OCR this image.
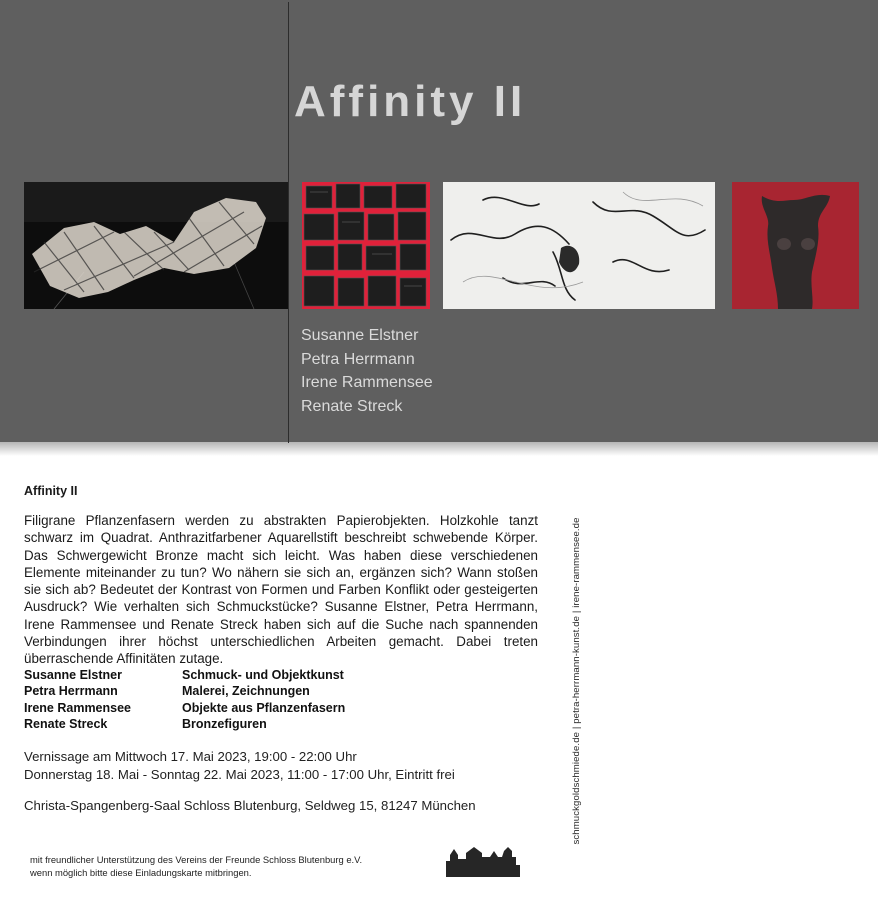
Affinity II
Susanne Elstner
Petra Herrmann
Irene Rammensee
Renate Streck
Affinity II
Filigrane Pflanzenfasern werden zu abstrakten Papierobjekten. Holzkohle tanzt schwarz im Quadrat. Anthrazitfarbener Aquarellstift beschreibt schwebende Körper. Das Schwergewicht Bronze macht sich leicht. Was haben diese verschiedenen Elemente miteinander zu tun? Wo nähern sie sich an, ergänzen sich? Wann stoßen sie sich ab? Bedeutet der Kontrast von Formen und Farben Konflikt oder gesteigerten Ausdruck? Wie verhalten sich Schmuckstücke? Susanne Elstner, Petra Herrmann, Irene Rammensee und Renate Streck haben sich auf die Suche nach spannenden Verbindungen ihrer höchst unterschiedlichen Arbeiten gemacht. Dabei treten überraschende Affinitäten zutage.
Susanne Elstner	Schmuck- und Objektkunst
Petra Herrmann	Malerei, Zeichnungen
Irene Rammensee	Objekte aus Pflanzenfasern
Renate Streck	Bronzefiguren
Vernissage am Mittwoch 17. Mai 2023, 19:00 - 22:00 Uhr
Donnerstag 18. Mai - Sonntag 22. Mai 2023, 11:00 - 17:00 Uhr, Eintritt frei
Christa-Spangenberg-Saal Schloss Blutenburg, Seldweg 15, 81247 München
mit freundlicher Unterstützung des Vereins der Freunde Schloss Blutenburg e.V.
wenn möglich bitte diese Einladungskarte mitbringen.
schmuckgoldschmiede.de | petra-herrmann-kunst.de | irene-rammensee.de
